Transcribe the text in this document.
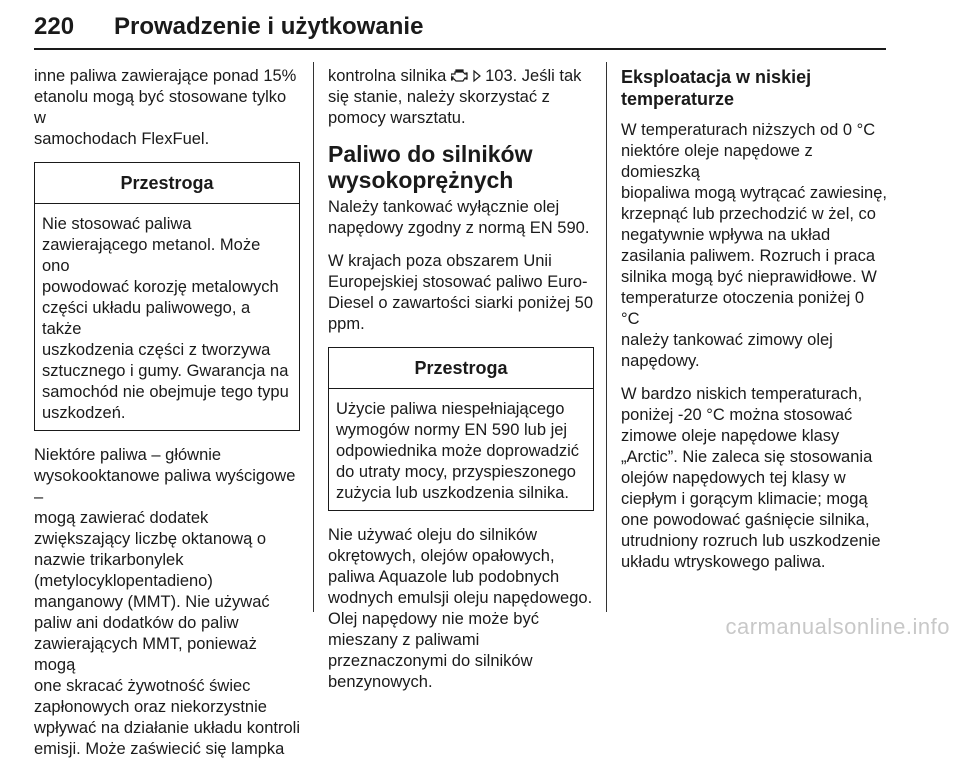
220 Prowadzenie i użytkowanie

inne paliwa zawierające ponad 15%
etanolu mogą być stosowane tylko w
samochodach FlexFuel.

Przestroga
Nie stosować paliwa
zawierającego metanol. Może ono
powodować korozję metalowych
części układu paliwowego, a także
uszkodzenia części z tworzywa
sztucznego i gumy. Gwarancja na
samochód nie obejmuje tego typu
uszkodzeń.

Niektóre paliwa – głównie
wysokooktanowe paliwa wyścigowe –
mogą zawierać dodatek
zwiększający liczbę oktanową o
nazwie trikarbonylek
(metylocyklopentadieno)
manganowy (MMT). Nie używać
paliw ani dodatków do paliw
zawierających MMT, ponieważ mogą
one skracać żywotność świec
zapłonowych oraz niekorzystnie
wpływać na działanie układu kontroli
emisji. Może zaświecić się lampka

kontrolna silnika   103. Jeśli tak
się stanie, należy skorzystać z
pomocy warsztatu.

Paliwo do silników
wysokoprężnych

Należy tankować wyłącznie olej
napędowy zgodny z normą EN 590.

W krajach poza obszarem Unii
Europejskiej stosować paliwo Euro-
Diesel o zawartości siarki poniżej 50
ppm.

Przestroga
Użycie paliwa niespełniającego
wymogów normy EN 590 lub jej
odpowiednika może doprowadzić
do utraty mocy, przyspieszonego
zużycia lub uszkodzenia silnika.

Nie używać oleju do silników
okrętowych, olejów opałowych,
paliwa Aquazole lub podobnych
wodnych emulsji oleju napędowego.
Olej napędowy nie może być
mieszany z paliwami
przeznaczonymi do silników
benzynowych.

Eksploatacja w niskiej
temperaturze

W temperaturach niższych od 0 °C
niektóre oleje napędowe z domieszką
biopaliwa mogą wytrącać zawiesinę,
krzepnąć lub przechodzić w żel, co
negatywnie wpływa na układ
zasilania paliwem. Rozruch i praca
silnika mogą być nieprawidłowe. W
temperaturze otoczenia poniżej 0 °C
należy tankować zimowy olej
napędowy.

W bardzo niskich temperaturach,
poniżej -20 °C można stosować
zimowe oleje napędowe klasy
„Arctic”. Nie zaleca się stosowania
olejów napędowych tej klasy w
ciepłym i gorącym klimacie; mogą
one powodować gaśnięcie silnika,
utrudniony rozruch lub uszkodzenie
układu wtryskowego paliwa.

carmanualsonline.info
